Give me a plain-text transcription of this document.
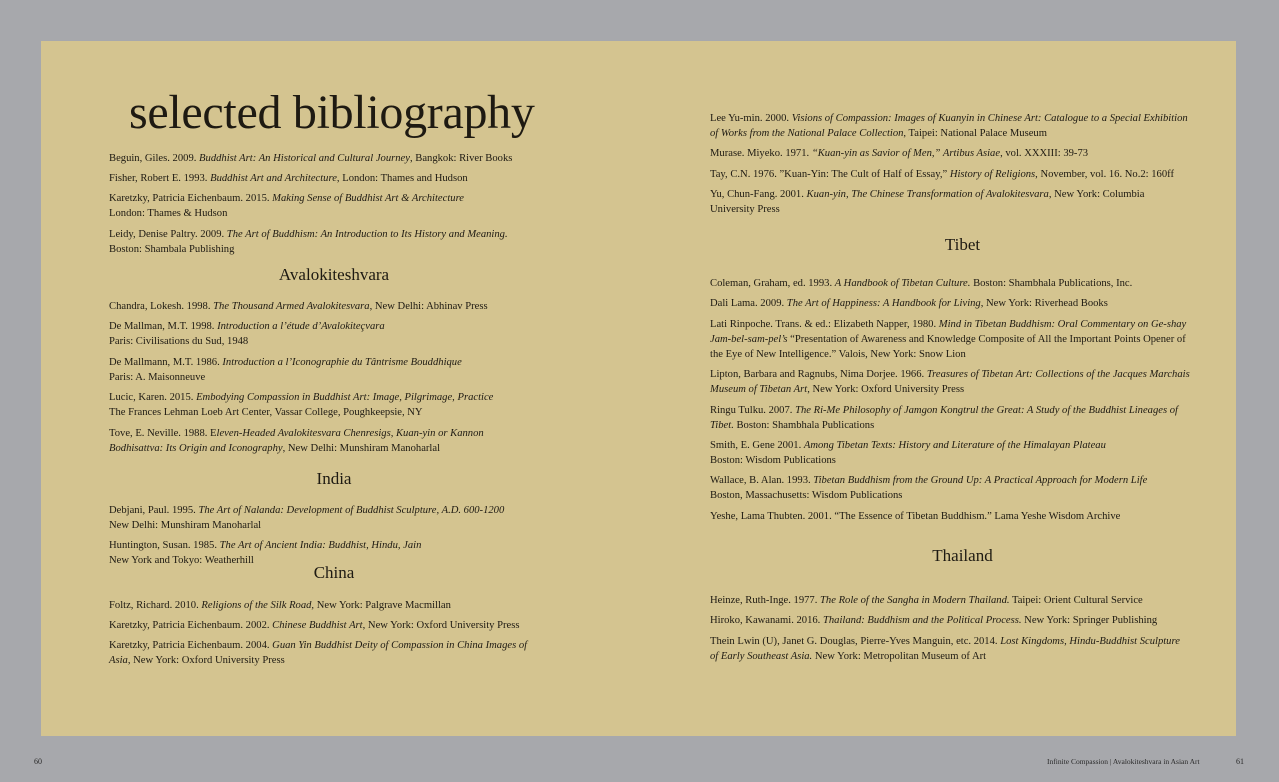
selected bibliography
Beguin, Giles. 2009. Buddhist Art: An Historical and Cultural Journey, Bangkok: River Books
Fisher, Robert E. 1993. Buddhist Art and Architecture, London: Thames and Hudson
Karetzky, Patricia Eichenbaum. 2015. Making Sense of Buddhist Art & Architecture
London: Thames & Hudson
Leidy, Denise Paltry. 2009. The Art of Buddhism: An Introduction to Its History and Meaning.
Boston: Shambala Publishing
Avalokiteshvara
Chandra, Lokesh. 1998. The Thousand Armed Avalokitesvara, New Delhi: Abhinav Press
De Mallman, M.T. 1998. Introduction a l’étude d’Avalokiteçvara
Paris: Civilisations du Sud, 1948
De Mallmann, M.T. 1986. Introduction a l’Iconographie du Tântrisme Bouddhique
Paris: A. Maisonneuve
Lucic, Karen. 2015. Embodying Compassion in Buddhist Art: Image, Pilgrimage, Practice
The Frances Lehman Loeb Art Center, Vassar College, Poughkeepsie, NY
Tove, E. Neville. 1988. Eleven-Headed Avalokitesvara Chenresigs, Kuan-yin or Kannon
Bodhisattva: Its Origin and Iconography, New Delhi: Munshiram Manoharlal
India
Debjani, Paul. 1995. The Art of Nalanda: Development of Buddhist Sculpture, A.D. 600-1200
New Delhi: Munshiram Manoharlal
Huntington, Susan. 1985. The Art of Ancient India: Buddhist, Hindu, Jain
New York and Tokyo: Weatherhill
China
Foltz, Richard. 2010. Religions of the Silk Road, New York: Palgrave Macmillan
Karetzky, Patricia Eichenbaum. 2002. Chinese Buddhist Art, New York: Oxford University Press
Karetzky, Patricia Eichenbaum. 2004. Guan Yin Buddhist Deity of Compassion in China Images of
Asia, New York: Oxford University Press
Lee Yu-min. 2000. Visions of Compassion: Images of Kuanyin in Chinese Art: Catalogue to a Special Exhibition
of Works from the National Palace Collection, Taipei: National Palace Museum
Murase. Miyeko. 1971. “Kuan-yin as Savior of Men,” Artibus Asiae, vol. XXXIII: 39-73
Tay, C.N. 1976. ”Kuan-Yin: The Cult of Half of Essay,” History of Religions, November, vol. 16. No.2: 160ff
Yu, Chun-Fang. 2001. Kuan-yin, The Chinese Transformation of Avalokitesvara, New York: Columbia
University Press
Tibet
Coleman, Graham, ed. 1993. A Handbook of Tibetan Culture. Boston: Shambhala Publications, Inc.
Dali Lama. 2009. The Art of Happiness: A Handbook for Living, New York: Riverhead Books
Lati Rinpoche. Trans. & ed.: Elizabeth Napper, 1980. Mind in Tibetan Buddhism: Oral Commentary on Ge-shay
Jam-bel-sam-pel’s “Presentation of Awareness and Knowledge Composite of All the Important Points Opener of
the Eye of New Intelligence.” Valois, New York: Snow Lion
Lipton, Barbara and Ragnubs, Nima Dorjee. 1966. Treasures of Tibetan Art: Collections of the Jacques Marchais
Museum of Tibetan Art, New York: Oxford University Press
Ringu Tulku. 2007. The Ri-Me Philosophy of Jamgon Kongtrul the Great: A Study of the Buddhist Lineages of
Tibet. Boston: Shambhala Publications
Smith, E. Gene 2001. Among Tibetan Texts: History and Literature of the Himalayan Plateau
Boston: Wisdom Publications
Wallace, B. Alan. 1993. Tibetan Buddhism from the Ground Up: A Practical Approach for Modern Life
Boston, Massachusetts: Wisdom Publications
Yeshe, Lama Thubten. 2001. “The Essence of Tibetan Buddhism.” Lama Yeshe Wisdom Archive
Thailand
Heinze, Ruth-Inge. 1977. The Role of the Sangha in Modern Thailand. Taipei: Orient Cultural Service
Hiroko, Kawanami. 2016. Thailand: Buddhism and the Political Process. New York: Springer Publishing
Thein Lwin (U), Janet G. Douglas, Pierre-Yves Manguin, etc. 2014. Lost Kingdoms, Hindu-Buddhist Sculpture
of Early Southeast Asia. New York: Metropolitan Museum of Art
60	Infinite Compassion | Avalokiteshvara in Asian Art	61
